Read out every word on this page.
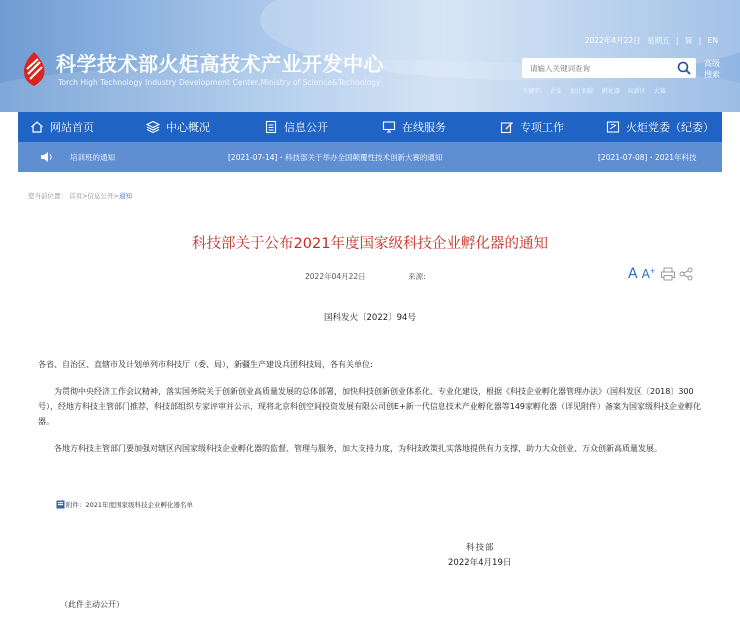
科学技术部火炬高技术产业开发中心
Torch High Technology Industry Development Center,Ministry of Science&Technology
2022年4月22日 星期五 | 简 | EN
请输入关键词查询
高级搜索
关键字: 企业 加计扣除 孵化器 高新区 大赛
网站首页	中心概况	信息公开	在线服务	专项工作	火炬党委（纪委）
培训班的通知	[2021-07-14]・科技部关于举办全国颠覆性技术创新大赛的通知	[2021-07-08]・2021年科技
您当前位置： 首页>信息公开>通知
科技部关于公布2021年度国家级科技企业孵化器的通知
2022年04月22日	来源:	A A+
国科发火〔2022〕94号
各省、自治区、直辖市及计划单列市科技厅（委、局），新疆生产建设兵团科技局，各有关单位:
为贯彻中央经济工作会议精神，落实国务院关于创新创业高质量发展的总体部署，加快科技创新创业体系化、专业化建设，根据《科技企业孵化器管理办法》（国科发区〔2018〕300号），经地方科技主管部门推荐，科技部组织专家评审并公示，现将北京科创空间投资发展有限公司创E+新一代信息技术产业孵化器等149家孵化器（详见附件）备案为国家级科技企业孵化器。
各地方科技主管部门要加强对辖区内国家级科技企业孵化器的监督、管理与服务，加大支持力度，为科技政策扎实落地提供有力支撑，助力大众创业、万众创新高质量发展。
附件：2021年度国家级科技企业孵化器名单
科技部
2022年4月19日
（此件主动公开）
